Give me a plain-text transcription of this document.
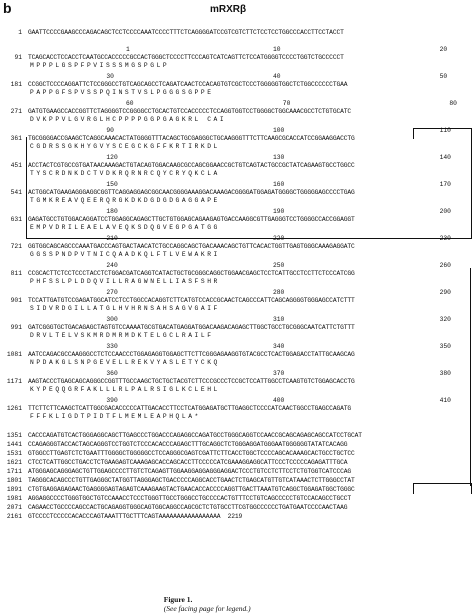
b	mRXRβ
1 GAATTCCCCGAAGCCCAGACAGCTCCTCCCCAAATCCCCTTTCTCAGGGGATCCGTCGTCTTCTCCTCCTGGCCCACCTTCCTACCT
91 TCAGCACCTCCACCTCAATGCCACCCCCGCCACTGGGCTCCCCTTCCCAGTCATCAGTTCTCCATGGGGTCCCCTGGTCTGCCCCCT
1	10	20
MPPPLGSPFPVISSSMGSPGLP
181 CCGGCTCCCCAGGATTCTCCGGGCCTGTCAGCAGCCTCAGATCAACTCCACAGTGTCGCTCCCTGGGGGTGGCTCTGGCCCCCCTGAA
30	40	50
PAPPGFSPVSSPQINSTVSLPGGGSGPPE
271 GATGTGAAGCCACCGGTTCTAGGGGTCCGGGGCCTGCACTGTCCACCCCCTCCAGGTGGTCCTGGGGCTGGCAAACGCCTCTGTGCATC
60	70	80
DVKPPVLGVRGLHCPPPPGGPGAGKRL CAI
361 TGCGGGGACCGAAGCTCAGGCAAACACTATGGGGTTTACAGCTGCGAGGGCTGCAAGGGTTTCTTCAAGCGCACCATCCGGAAGGACCTG
90	100	110
CGDRSSGKHYGVYSCEGCKGFFKRTIRKDL
451 ACCTACTCGTGCCGTGATAACAAAGACTGTACAGTGGACAAGCGCCAGCGGAACCGCTGTCAGTACTGCCGCTATCAGAAGTGCCTGGCC
120	130	140
TYSCRDNKDCTVDKRQRNRCQYCRYQKCLA
541 ACTGGCATGAAGAGGGAGGCGGTTCAGGAGGAGCGGCAACGGGGAAAGGACAAAGACGGGGATGGAGATGGGGCTGGGGGAGCCCCTGAG
150	160	170
TGMKREAVQEERQRGKDKDGDGDGAGGAPE
631 GAGATGCCTGTGGACAGGATCCTGGAGGCAGAGCTTGCTGTGGAGCAGAAGAGTGACCAAGGCGTTGAGGGTCCTGGGGCCACCGGAGGT
180	190	200
EMPVDRILEAELAVEQKSDQGVEGPGATGG
721 GGTGGCAGCAGCCCAAATGACCCAGTGACTAACATCTGCCAGGCAGCTGACAAACAGCTGTTCACACTGGTTGAGTGGGCAAAGAGGATC
210	220	230
GGSSPNDPVTNICQAADKQLFTLVEWAKRI
811 CCGCACTTCTCCTCCCTACCTCTGGACGATCAGGTCATACTGCTGCGGGCAGGCTGGAACGAGCTCCTCATTGCCTCCTTCTCCCATCGG
240	250	260
PHFSSLPLDDQVILLRAGWNELLIASFSHR
901 TCCATTGATGTCCGAGATGGCATCCTCCTGGCCACAGGTCTTCATGTCCACCGCAACTCAGCCCATTCAGCAGGGGTGGGAGCCATCTTT
270	280	290
SIDVRDGILLATGLHVHRNSAHSAGVGAIF
991 GATCGGGTGCTGACAGAGCTAGTGTCCAAAATGCGTGACATGAGGATGGACAAGACAGAGCTTGGCTGCCTGCGGGCAATCATTCTGTTT
300	310	320
DRVLTELVSKMRDMRMDKTELGCLRAILF
1081 AATCCAGACGCCAAGGGCCTCTCCAACCCTGGAGAGGTGGAGCTTCTTCGGGAGAAGGTGTACGCCTCACTGGAGACCTATTGCAAGCAG
330	340	350
NPDAKGLSNPGEVELLREKVYASLETYCKQ
1171 AAGTACCCTGAGCAGCAGGGCCGGTTTGCCAAGCTGCTGCTACGTCTTCCCGCCCTCCGCTCCATTGGCCTCAAGTGTCTGGAGCACCTG
360	370	380
KYPEQQGRFAKLLLRLPALRSIGLKCLEHL
1261 TTCTTCTTCAAGCTCATTGGCGACACCCCCATTGACACCTTCCTCATGGAGATGCTTGAGGCTCCCCATCAACTGGCCTGAGCCAGATG
390	400	410
FFFKLIGDTPIDTFLMEMLEAPHQLA*
1351 CACCCAGATGTCACTGGGAGGCAGCTTGAGCCCTGGACCCAGAGGCCAGATGCCTGGGCAGGTCCAACCGCAGCAGAGCAGCCATCCTGCAT
1441 CCAGAGGGTACCACTAGCAGGGTCCTGGTCTCCCACACCCAGAGCTTTGCAGGCTCTGGGAGGATGGGAATGGGGGGTATATCACAGG
1531 GTGGCCTTGAGTCTCTGAATTTGGGGCTGGGGGCCTCCAGGGCGAGTCGATTCTTCACCTGGCTCCCCAGCACAAAGCACTGCCTGCTCC
1621 CTCCTCATTGGCCTGACCTCTGAAGAGTCAAAGAGCACCAGCACCTTCCCCCATCGAAAGGAGGCATTCCCTCCCCCAGAGATTTGCA
1711 ATGGGAGCAGGGAGCTGTTGGAGCCCCTTGTCTCAGAGTTGGAAGGAGGAGGGAGGACTCCCTGTCCTCTTCCTCTGTGGTCATCCCAG
1801 TAGGGCACAGCCCTGTTGAGGGCTATGGTTAGGGAGCTGACCCCCAGGCACCTGAACTCTGAGCATGTTGTCATAAACTCTTGGGCCTAT
1891 CTGTGAGGAGAGAACTGAGGGGAGTAGAGTCAAAGAAGTACTGAACACCACCCCAGGTTGACTTAAATGTCAGGCTGGAGATGGCTGGGC
1981 AGGAGGCCCCTGGGTGGCTGTCCAAACCTCCCTGGGTTGCCTGGGCCTGCCCCACTGTTTCCTGTCAGCCCCCTGTCCACAGCCTGCCT
2071 CAGAACCTGCCCCAGCCACTGCAGAGGTGGGCAGTGGCAGGCCAGCGCTCTGTGCCTTCGTGGCCCCCCTGATGAATCCCCAACTAAG
2161 GTCCCCTCCCCCACACCCAGTAAATTTGCTTTCAGTAAAAAAAAAAAAAAAAA  2219

Figure 1.
(See facing page for legend.)
